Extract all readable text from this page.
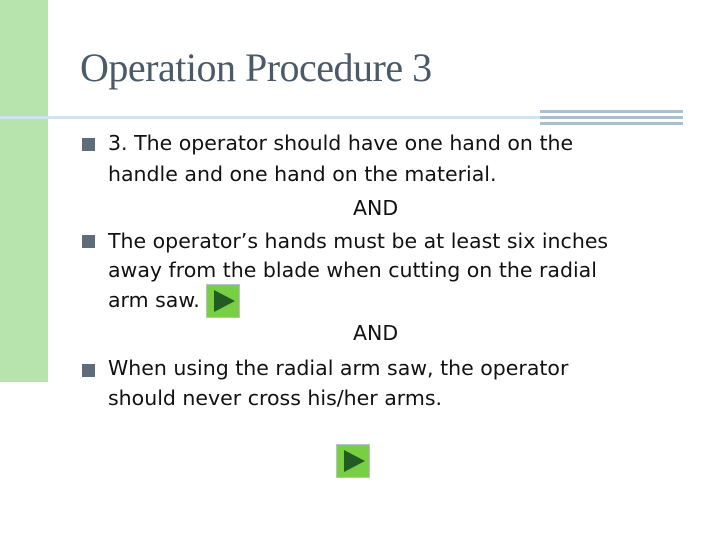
Operation Procedure 3
3. The operator should have one hand on the
handle and one hand on the material.
AND
The operator’s hands must be at least six inches
away from the blade when cutting on the radial
arm saw.
AND
When using the radial arm saw, the operator
should never cross his/her arms.
